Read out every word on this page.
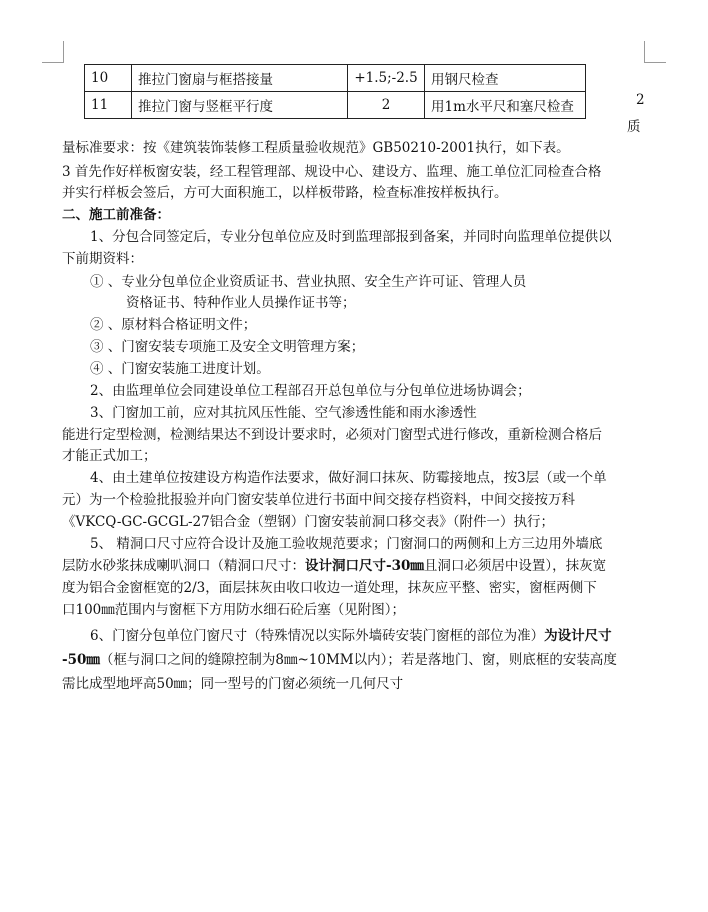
10	推拉门窗扇与框搭接量	+1.5;-2.5	用钢尺检查
11	推拉门窗与竖框平行度	2	用1m水平尺和塞尺检查	2
质
量标准要求：按《建筑装饰装修工程质量验收规范》GB50210-2001执行，如下表。
3 首先作好样板窗安装，经工程管理部、规设中心、建设方、监理、施工单位汇同检查合格
并实行样板会签后，方可大面积施工，以样板带路，检查标准按样板执行。
二、施工前准备：
1、分包合同签定后，专业分包单位应及时到监理部报到备案，并同时向监理单位提供以
下前期资料：
① 、专业分包单位企业资质证书、营业执照、安全生产许可证、管理人员
资格证书、特种作业人员操作证书等；
② 、原材料合格证明文件；
③ 、门窗安装专项施工及安全文明管理方案；
④ 、门窗安装施工进度计划。
2、由监理单位会同建设单位工程部召开总包单位与分包单位进场协调会；
3、门窗加工前，应对其抗风压性能、空气渗透性能和雨水渗透性
能进行定型检测，检测结果达不到设计要求时，必须对门窗型式进行修改，重新检测合格后
才能正式加工；
4、由土建单位按建设方构造作法要求，做好洞口抹灰、防霉接地点，按3层（或一个单
元）为一个检验批报验并向门窗安装单位进行书面中间交接存档资料，中间交接按万科
《VKCQ-GC-GCGL-27铝合金（塑钢）门窗安装前洞口移交表》（附件一）执行；
5、 精洞口尺寸应符合设计及施工验收规范要求；门窗洞口的两侧和上方三边用外墙底
层防水砂浆抹成喇叭洞口（精洞口尺寸：设计洞口尺寸-30㎜且洞口必须居中设置），抹灰宽
度为铝合金窗框宽的2/3，面层抹灰由收口收边一道处理，抹灰应平整、密实，窗框两侧下
口100㎜范围内与窗框下方用防水细石砼后塞（见附图）；
6、门窗分包单位门窗尺寸（特殊情况以实际外墙砖安装门窗框的部位为准）为设计尺寸
-50㎜（框与洞口之间的缝隙控制为8㎜~10MM以内）；若是落地门、窗，则底框的安装高度
需比成型地坪高50㎜；同一型号的门窗必须统一几何尺寸
